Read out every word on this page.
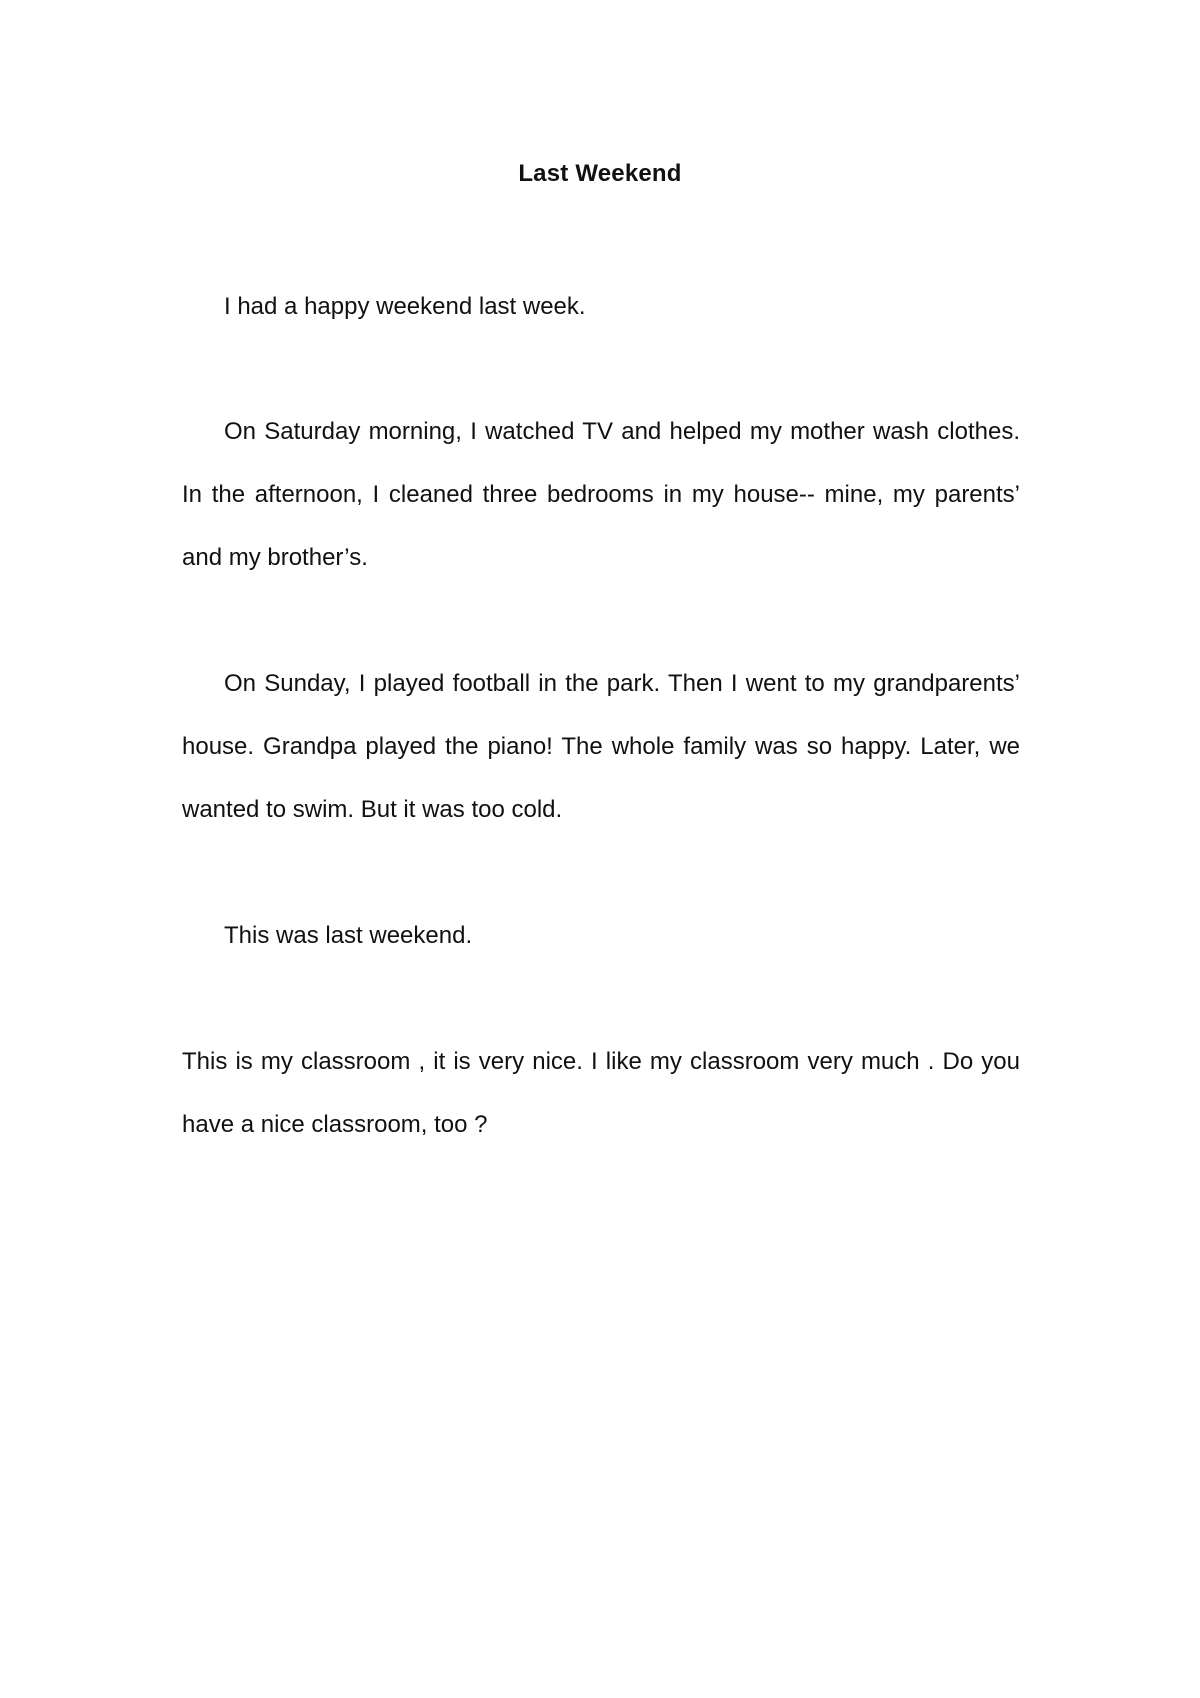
Last Weekend

I had a happy weekend last week.

On Saturday morning, I watched TV and helped my mother wash clothes. In the afternoon, I cleaned three bedrooms in my house-- mine, my parents’ and my brother’s.

On Sunday, I played football in the park. Then I went to my grandparents’ house. Grandpa played the piano! The whole family was so happy. Later, we wanted to swim. But it was too cold.

This was last weekend.

This is my classroom , it is very nice. I like my classroom very much . Do you have a nice classroom, too ?
